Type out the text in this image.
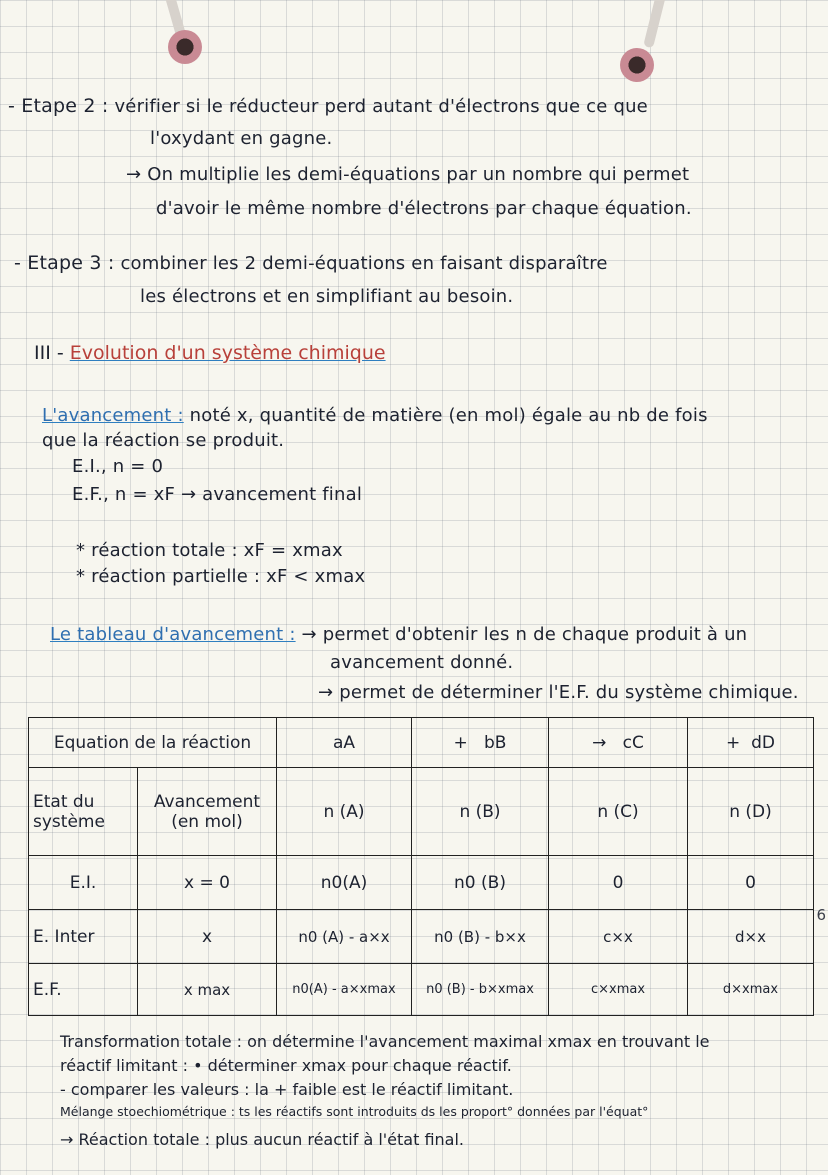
- Etape 2 : vérifier si le réducteur perd autant d'électrons que ce que
l'oxydant en gagne.
→ On multiplie les demi-équations par un nombre qui permet
d'avoir le même nombre d'électrons par chaque équation.
- Etape 3 : combiner les 2 demi-équations en faisant disparaître
les électrons et en simplifiant au besoin.
III - Evolution d'un système chimique
L'avancement : noté x, quantité de matière (en mol) égale au nb de fois
que la réaction se produit.
E.I., n = 0
E.F., n = xF → avancement final
* réaction totale : xF = xmax
* réaction partielle : xF < xmax
Le tableau d'avancement : → permet d'obtenir les n de chaque produit à un
avancement donné.
→ permet de déterminer l'E.F. du système chimique.
Equation de la réaction		aA	+ bB	→ cC	+ dD
Etat du système	Avancement (en mol)	n (A)	n (B)	n (C)	n (D)
E.I.	x = 0	n0(A)	n0 (B)	0	0
E. Inter	x	n0 (A) - a×x	n0 (B) - b×x	c×x	d×x
E.F.	x max	n0(A) - a×xmax	n0 (B) - b×xmax	c×xmax	d×xmax
Transformation totale : on détermine l'avancement maximal xmax en trouvant le
réactif limitant : • déterminer xmax pour chaque réactif.
- comparer les valeurs : la + faible est le réactif limitant.
Mélange stoechiométrique : ts les réactifs sont introduits ds les proport° données par l'équat°
→ Réaction totale : plus aucun réactif à l'état final.
6
